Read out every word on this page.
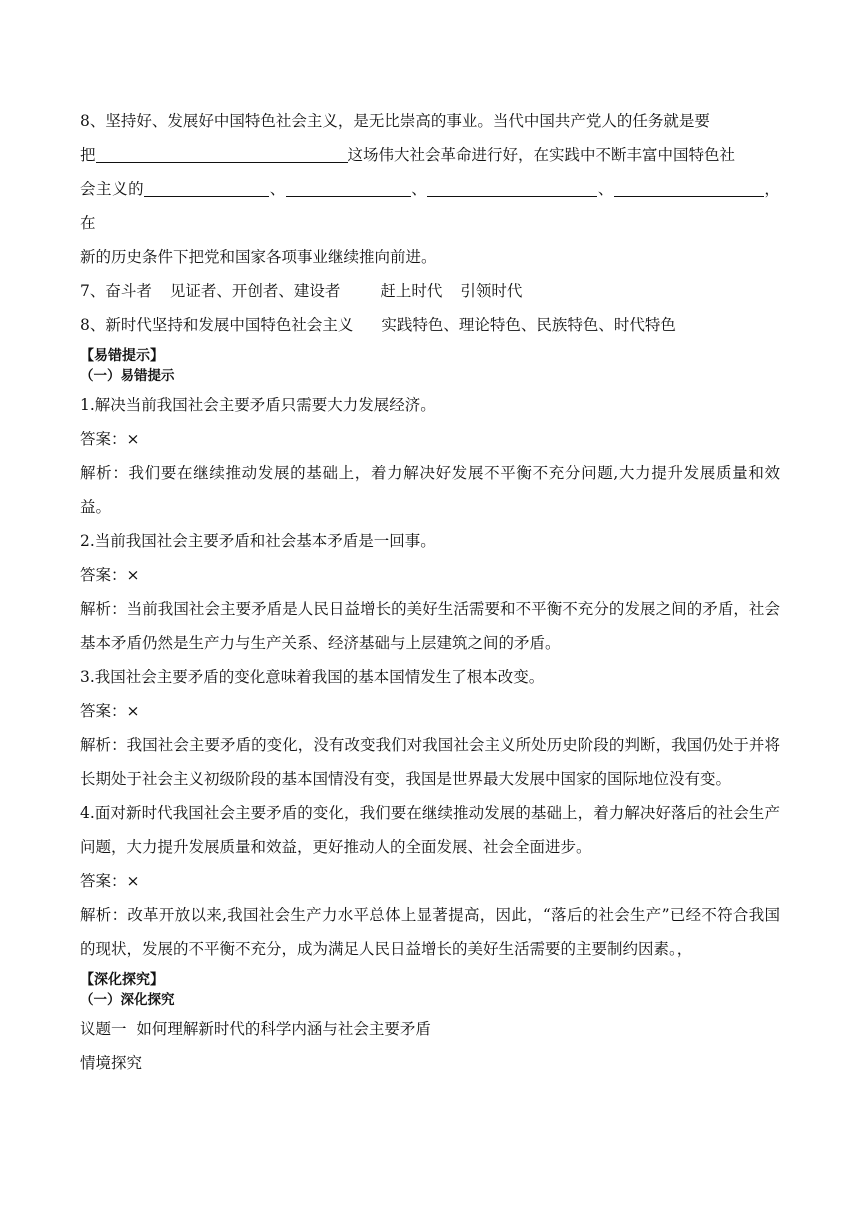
8、坚持好、发展好中国特色社会主义，是无比崇高的事业。当代中国共产党人的任务就是要
把	这场伟大社会革命进行好，在实践中不断丰富中国特色社
会主义的	、	、	、	，在
新的历史条件下把党和国家各项事业继续推向前进。

7、奋斗者 见证者、开创者、建设者	赶上时代 引领时代

8、新时代坚持和发展中国特色社会主义 实践特色、理论特色、民族特色、时代特色

【易错提示】
（一）易错提示

1.解决当前我国社会主要矛盾只需要大力发展经济。

答案：×

解析：我们要在继续推动发展的基础上，着力解决好发展不平衡不充分问题,大力提升发展质量和效益。

2.当前我国社会主要矛盾和社会基本矛盾是一回事。

答案：×

解析：当前我国社会主要矛盾是人民日益增长的美好生活需要和不平衡不充分的发展之间的矛盾，社会基本矛盾仍然是生产力与生产关系、经济基础与上层建筑之间的矛盾。

3.我国社会主要矛盾的变化意味着我国的基本国情发生了根本改变。

答案：×

解析：我国社会主要矛盾的变化，没有改变我们对我国社会主义所处历史阶段的判断，我国仍处于并将长期处于社会主义初级阶段的基本国情没有变，我国是世界最大发展中国家的国际地位没有变。

4.面对新时代我国社会主要矛盾的变化，我们要在继续推动发展的基础上，着力解决好落后的社会生产问题，大力提升发展质量和效益，更好推动人的全面发展、社会全面进步。

答案：×

解析：改革开放以来,我国社会生产力水平总体上显著提高，因此，“落后的社会生产”已经不符合我国的现状，发展的不平衡不充分，成为满足人民日益增长的美好生活需要的主要制约因素。，

【深化探究】
（一）深化探究

议题一  如何理解新时代的科学内涵与社会主要矛盾

情境探究
